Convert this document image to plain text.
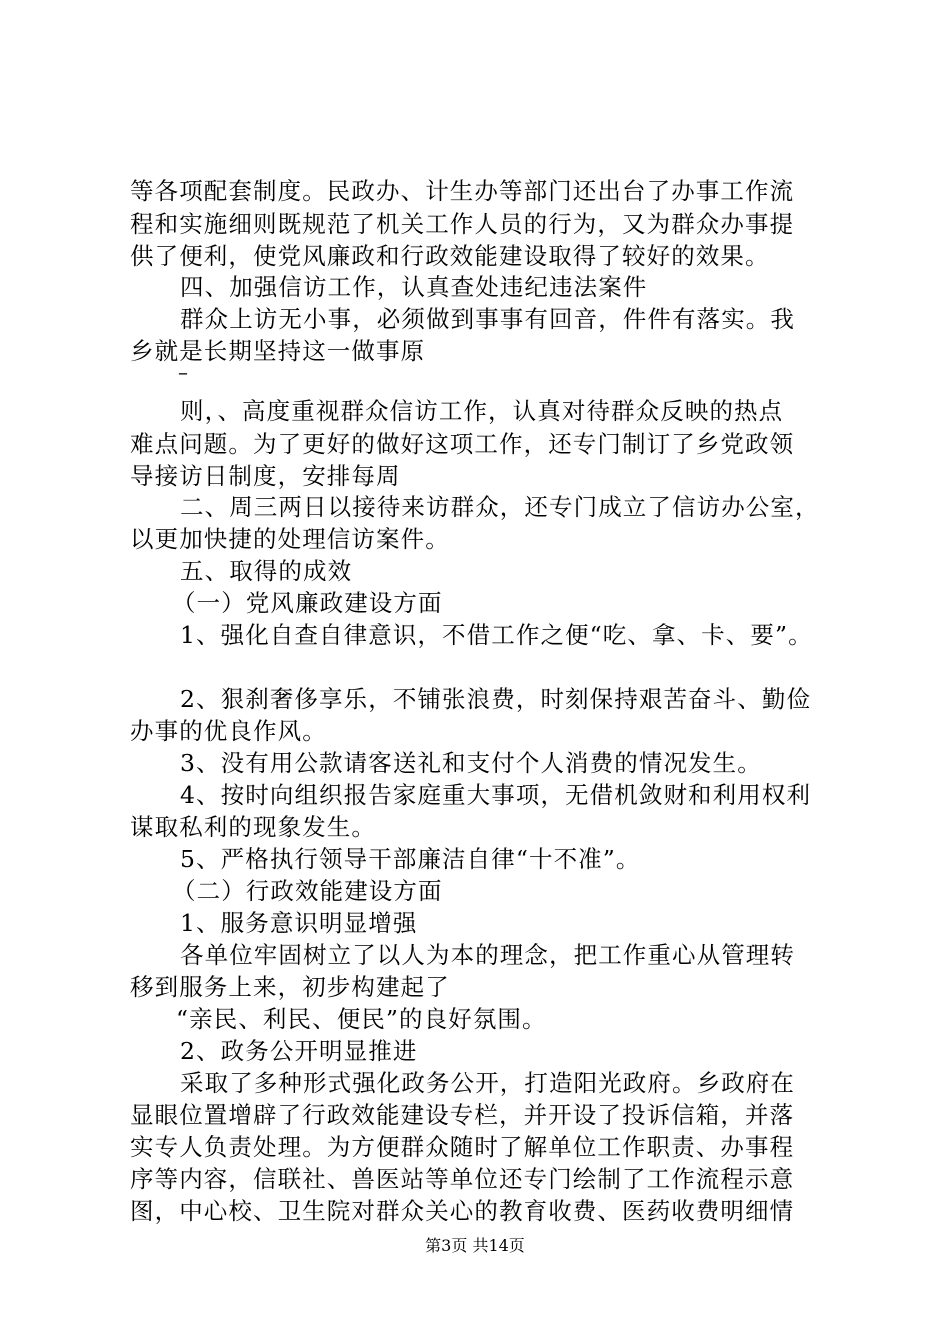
等各项配套制度。民政办、计生办等部门还出台了办事工作流
程和实施细则既规范了机关工作人员的行为，又为群众办事提
供了便利，使党风廉政和行政效能建设取得了较好的效果。
四、加强信访工作，认真查处违纪违法案件
群众上访无小事，必须做到事事有回音，件件有落实。我
乡就是长期坚持这一做事原
–
则，、高度重视群众信访工作，认真对待群众反映的热点
难点问题。为了更好的做好这项工作，还专门制订了乡党政领
导接访日制度，安排每周
二、周三两日以接待来访群众，还专门成立了信访办公室，
以更加快捷的处理信访案件。
五、取得的成效
（一）党风廉政建设方面
1、强化自查自律意识，不借工作之便“吃、拿、卡、要”。
2、狠刹奢侈享乐，不铺张浪费，时刻保持艰苦奋斗、勤俭
办事的优良作风。
3、没有用公款请客送礼和支付个人消费的情况发生。
4、按时向组织报告家庭重大事项，无借机敛财和利用权利
谋取私利的现象发生。
5、严格执行领导干部廉洁自律“十不准”。
（二）行政效能建设方面
1、服务意识明显增强
各单位牢固树立了以人为本的理念，把工作重心从管理转
移到服务上来，初步构建起了
“亲民、利民、便民”的良好氛围。
2、政务公开明显推进
采取了多种形式强化政务公开，打造阳光政府。乡政府在
显眼位置增辟了行政效能建设专栏，并开设了投诉信箱，并落
实专人负责处理。为方便群众随时了解单位工作职责、办事程
序等内容，信联社、兽医站等单位还专门绘制了工作流程示意
图，中心校、卫生院对群众关心的教育收费、医药收费明细情
第3页 共14页
